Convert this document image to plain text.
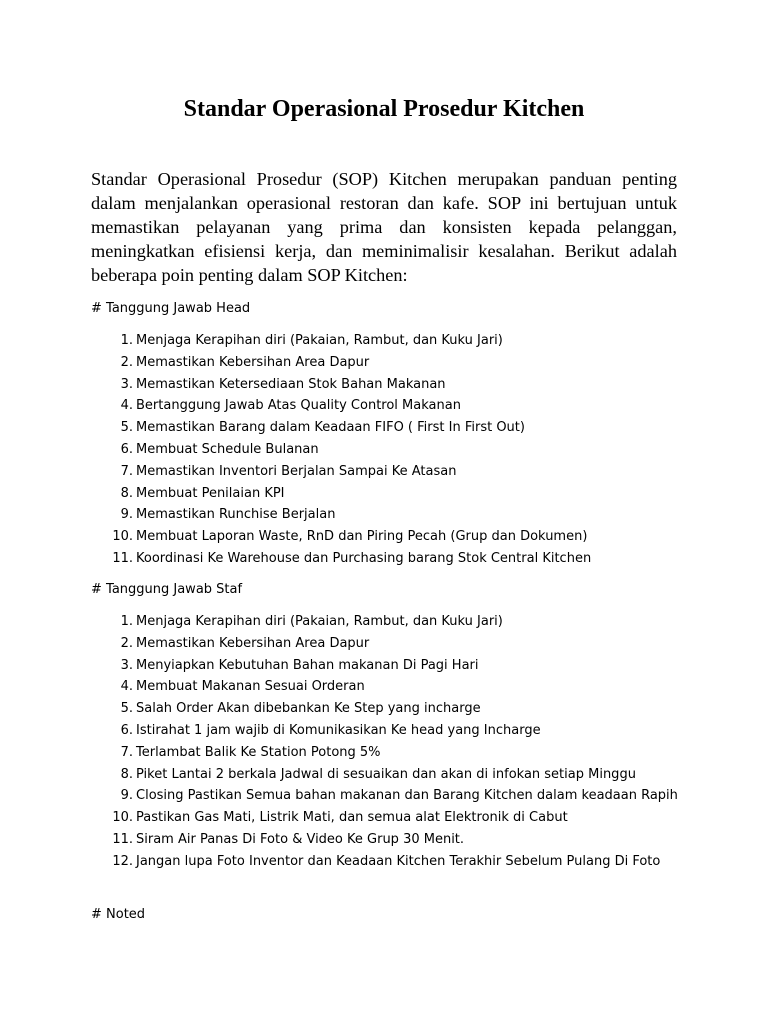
Standar Operasional Prosedur Kitchen

Standar Operasional Prosedur (SOP) Kitchen merupakan panduan penting dalam menjalankan operasional restoran dan kafe. SOP ini bertujuan untuk memastikan pelayanan yang prima dan konsisten kepada pelanggan, meningkatkan efisiensi kerja, dan meminimalisir kesalahan. Berikut adalah beberapa poin penting dalam SOP Kitchen:

# Tanggung Jawab Head
1. Menjaga Kerapihan diri (Pakaian, Rambut, dan Kuku Jari)
2. Memastikan Kebersihan Area Dapur
3. Memastikan Ketersediaan Stok Bahan Makanan
4. Bertanggung Jawab Atas Quality Control Makanan
5. Memastikan Barang dalam Keadaan FIFO ( First In First Out)
6. Membuat Schedule Bulanan
7. Memastikan Inventori Berjalan Sampai Ke Atasan
8. Membuat Penilaian KPI
9. Memastikan Runchise Berjalan
10. Membuat Laporan Waste, RnD dan Piring Pecah (Grup dan Dokumen)
11. Koordinasi Ke Warehouse dan Purchasing barang Stok Central Kitchen
# Tanggung Jawab Staf
1. Menjaga Kerapihan diri (Pakaian, Rambut, dan Kuku Jari)
2. Memastikan Kebersihan Area Dapur
3. Menyiapkan Kebutuhan Bahan makanan Di Pagi Hari
4. Membuat Makanan Sesuai Orderan
5. Salah Order Akan dibebankan Ke Step yang incharge
6. Istirahat 1 jam wajib di Komunikasikan Ke head yang Incharge
7. Terlambat Balik Ke Station Potong 5%
8. Piket Lantai 2 berkala Jadwal di sesuaikan dan akan di infokan setiap Minggu
9. Closing Pastikan Semua bahan makanan dan Barang Kitchen dalam keadaan Rapih
10. Pastikan Gas Mati, Listrik Mati, dan semua alat Elektronik di Cabut
11. Siram Air Panas Di Foto & Video Ke Grup 30 Menit.
12. Jangan lupa Foto Inventor dan Keadaan Kitchen Terakhir Sebelum Pulang Di Foto
# Noted
